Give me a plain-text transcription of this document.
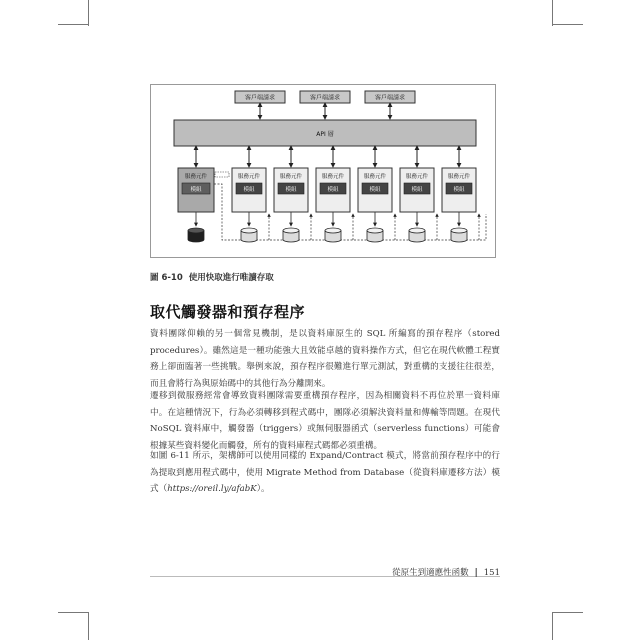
客戶端請求	客戶端請求	客戶端請求
API 層
服務元件
模組
服務元件
模組
服務元件
模組
服務元件
模組
服務元件
模組
服務元件
模組
服務元件
模組
圖 6-10 使用快取進行唯讀存取
取代觸發器和預存程序

資料團隊仰賴的另一個常見機制，是以資料庫原生的 SQL 所編寫的預存程序（stored procedures）。雖然這是一種功能強大且效能卓越的資料操作方式，但它在現代軟體工程實務上卻面臨著一些挑戰。舉例來說，預存程序很難進行單元測試，對重構的支援往往很差，而且會將行為與原始碼中的其他行為分離開來。

遷移到微服務經常會導致資料團隊需要重構預存程序，因為相關資料不再位於單一資料庫中。在這種情況下，行為必須轉移到程式碼中，團隊必須解決資料量和傳輸等問題。在現代 NoSQL 資料庫中，觸發器（triggers）或無伺服器函式（serverless functions）可能會根據某些資料變化而觸發，所有的資料庫程式碼都必須重構。

如圖 6-11 所示，架構師可以使用同樣的 Expand/Contract 模式，將當前預存程序中的行為提取到應用程式碼中，使用 Migrate Method from Database（從資料庫遷移方法）模式（https://oreil.ly/afabK）。

從原生到適應性函數 | 151
